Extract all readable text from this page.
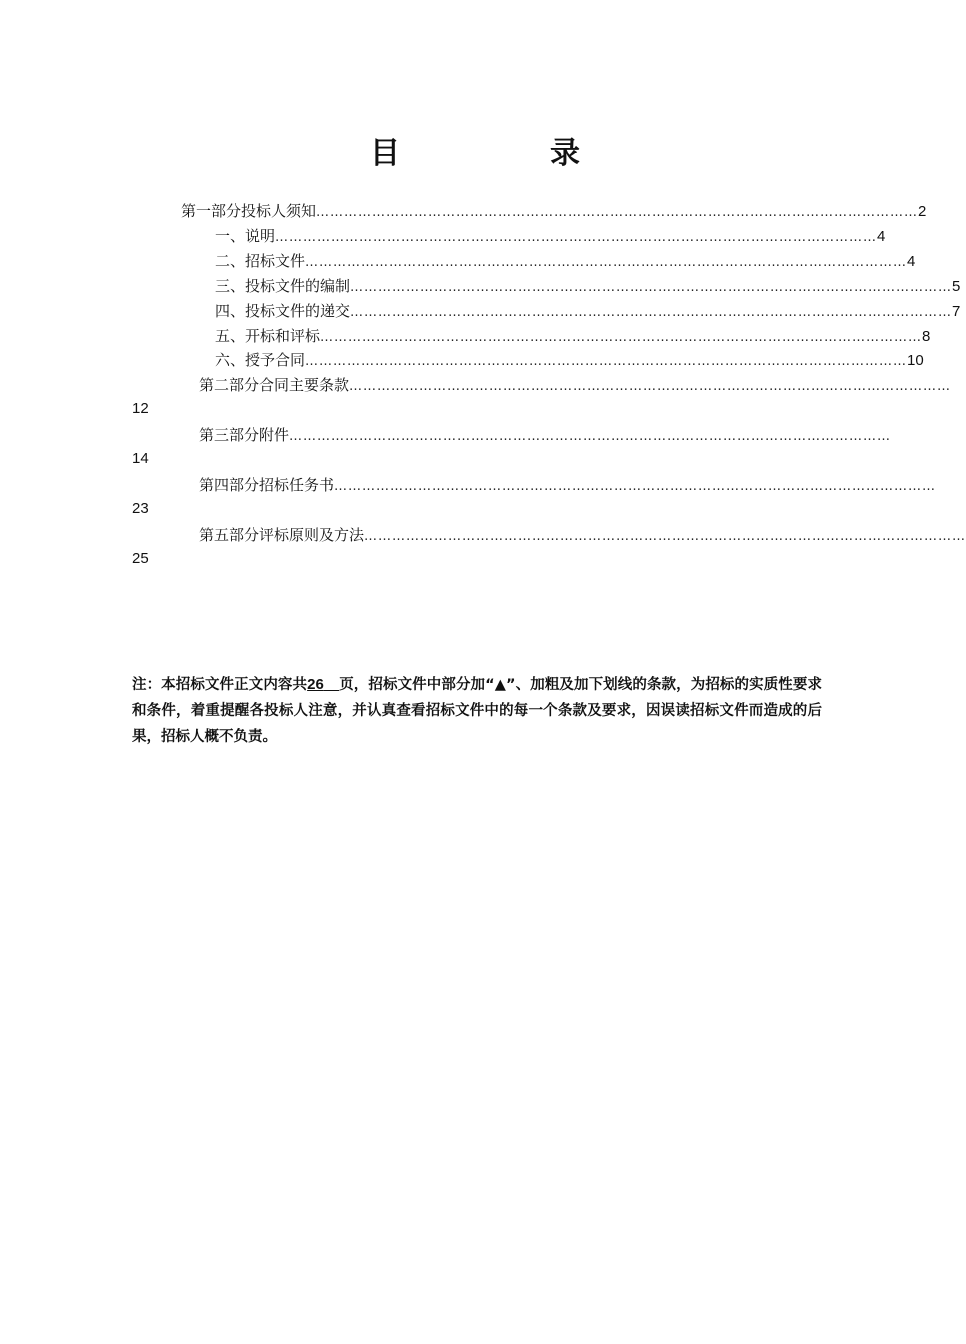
目　录
第一部分 投标人须知 ………………………………………………………………………………………………………………… 2
一、说明 ………………………………………………………………………………………………………………… 4
二、招标文件 ………………………………………………………………………………………………………………… 4
三、投标文件的编制 ………………………………………………………………………………………………………………… 5
四、投标文件的递交 ………………………………………………………………………………………………………………… 7
五、开标和评标 ………………………………………………………………………………………………………………… 8
六、授予合同 ………………………………………………………………………………………………………………… 10
第二部分 合同主要条款 …………………………………………………………………………………………………………………
12
第三部分 附件 …………………………………………………………………………………………………………………
14
第四部分 招标任务书 …………………………………………………………………………………………………………………
23
第五部分 评标原则及方法 …………………………………………………………………………………………………………………
25
注：本招标文件正文内容共26 页，招标文件中部分加“▲”、加粗及加下划线的条款，为招标的实质性要求和条件，着重提醒各投标人注意，并认真查看招标文件中的每一个条款及要求，因误读招标文件而造成的后果，招标人概不负责。
